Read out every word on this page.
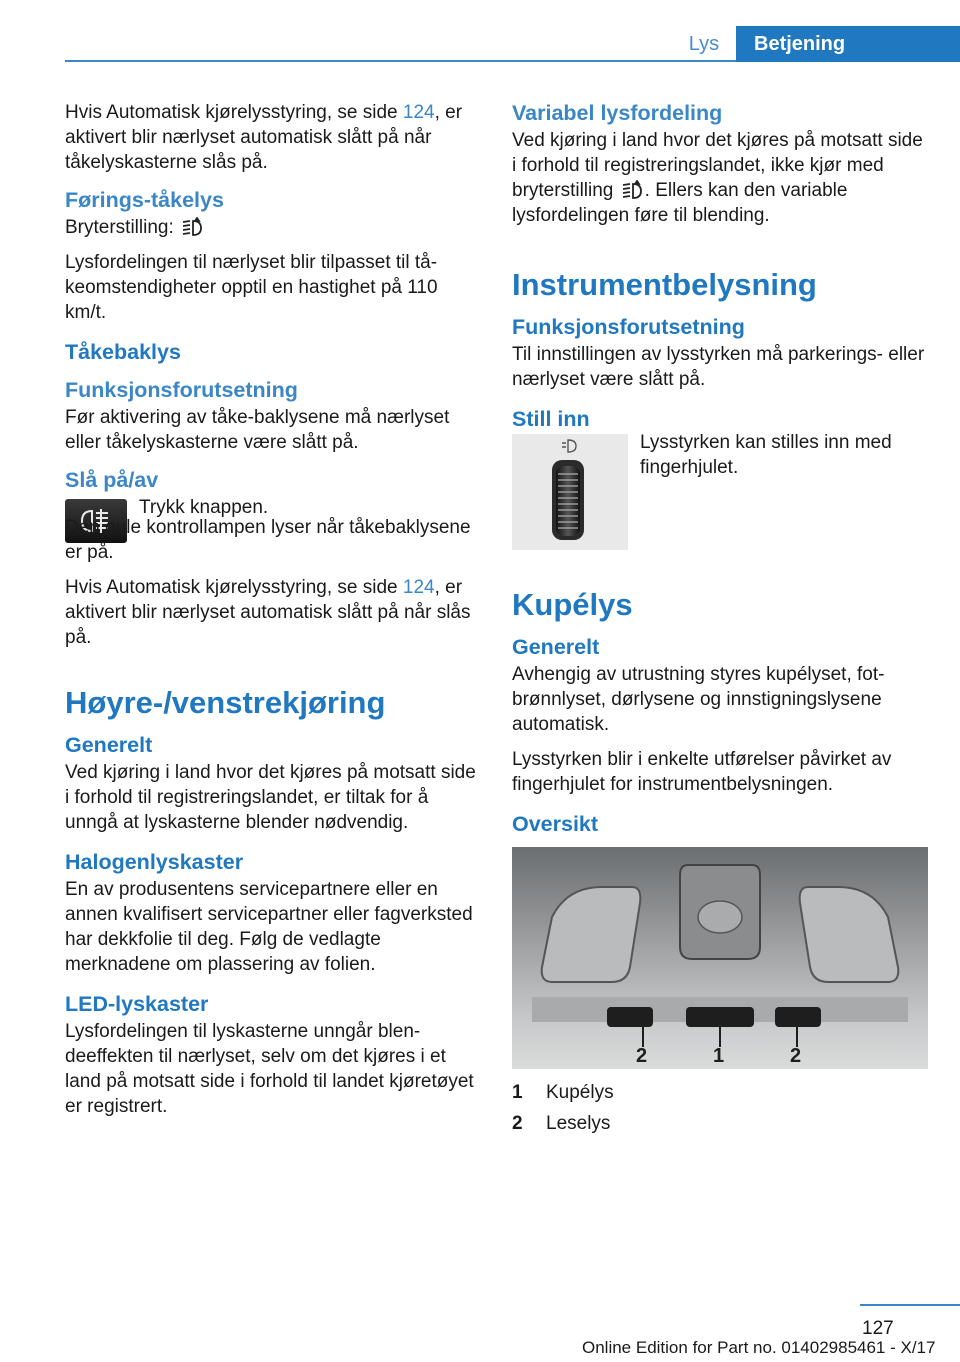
Lys	Betjening

Hvis Automatisk kjørelysstyring, se side 124, er aktivert blir nærlyset automatisk slått på når tåkelyskasterne slås på.

Førings-tåkelys

Bryterstilling:

Lysfordelingen til nærlyset blir tilpasset til tåkeomstendigheter opptil en hastighet på 110 km/t.

Tåkebaklys
Funksjonsforutsetning

Før aktivering av tåke-baklysene må nærlyset eller tåkelyskasterne være slått på.

Slå på/av

Trykk knappen.

Den gule kontrollampen lyser når tåkebaklysene er på.

Hvis Automatisk kjørelysstyring, se side 124, er aktivert blir nærlyset automatisk slått på når slås på.

Høyre-/venstrekjøring
Generelt

Ved kjøring i land hvor det kjøres på motsatt side i forhold til registreringslandet, er tiltak for å unngå at lyskasterne blender nødvendig.

Halogenlyskaster

En av produsentens servicepartnere eller en annen kvalifisert servicepartner eller fagverksted har dekkfolie til deg. Følg de vedlagte merknadene om plassering av folien.

LED-lyskaster

Lysfordelingen til lyskasterne unngår blendeeffekten til nærlyset, selv om det kjøres i et land på motsatt side i forhold til landet kjøretøyet er registrert.

Variabel lysfordeling

Ved kjøring i land hvor det kjøres på motsatt side i forhold til registreringslandet, ikke kjør med bryterstilling . Ellers kan den variable lysfordelingen føre til blending.

Instrumentbelysning
Funksjonsforutsetning

Til innstillingen av lysstyrken må parkerings- eller nærlyset være slått på.

Still inn

Lysstyrken kan stilles inn med fingerhjulet.

Kupélys
Generelt

Avhengig av utrustning styres kupélyset, fotbrønnlyset, dørlysene og innstigningslysene automatisk.

Lysstyrken blir i enkelte utførelser påvirket av fingerhjulet for instrumentbelysningen.

Oversikt
2	1	2
1	Kupélys
2	Leselys
127
Online Edition for Part no. 01402985461 - X/17
